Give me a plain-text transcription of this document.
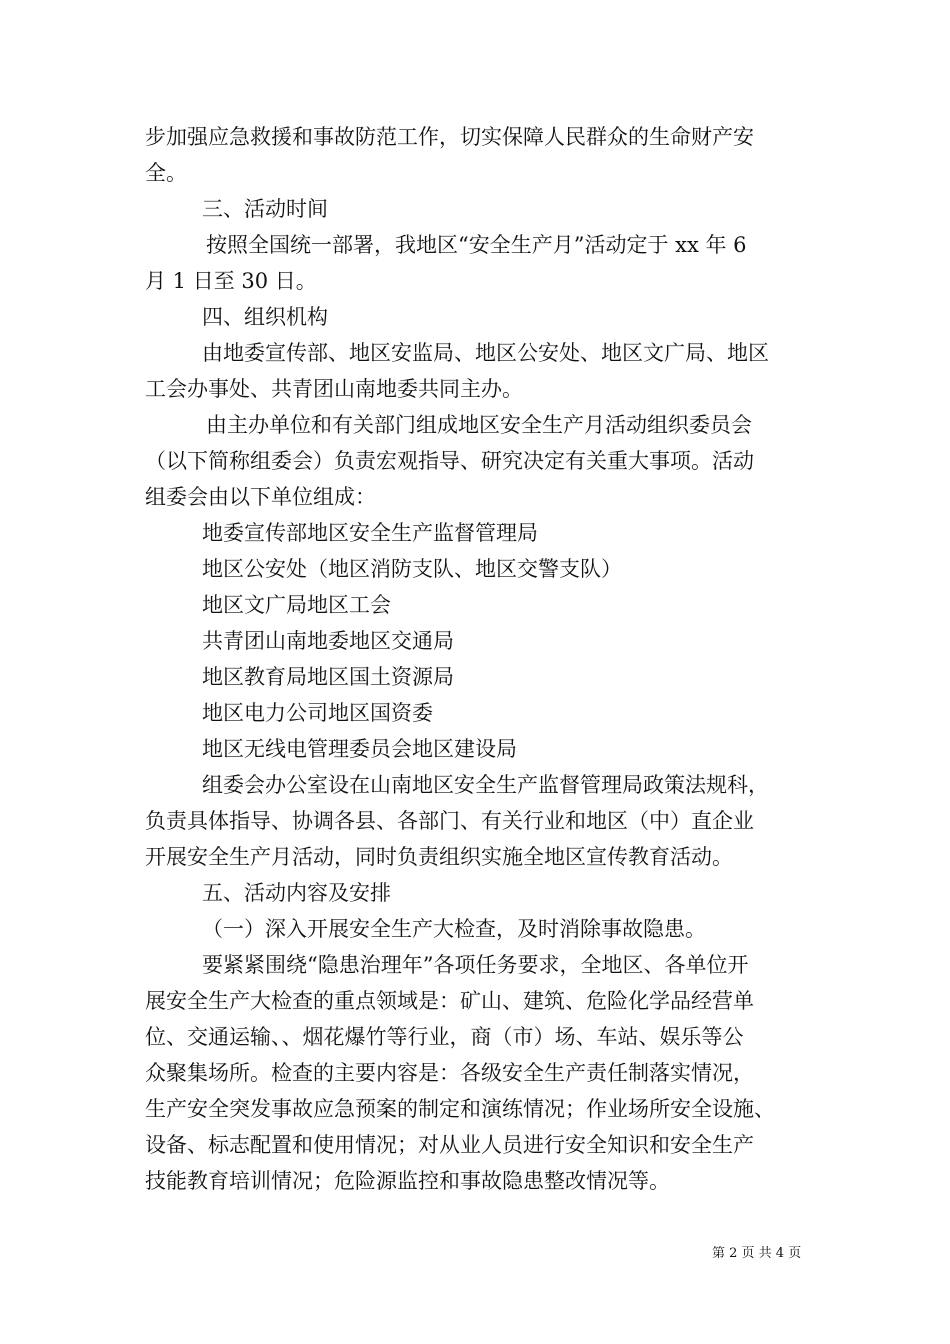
步加强应急救援和事故防范工作，切实保障人民群众的生命财产安
全。
三、活动时间
按照全国统一部署，我地区“安全生产月”活动定于 xx 年 6
月 1 日至 30 日。
四、组织机构
由地委宣传部、地区安监局、地区公安处、地区文广局、地区
工会办事处、共青团山南地委共同主办。
由主办单位和有关部门组成地区安全生产月活动组织委员会
（以下简称组委会）负责宏观指导、研究决定有关重大事项。活动
组委会由以下单位组成：
地委宣传部地区安全生产监督管理局
地区公安处（地区消防支队、地区交警支队）
地区文广局地区工会
共青团山南地委地区交通局
地区教育局地区国土资源局
地区电力公司地区国资委
地区无线电管理委员会地区建设局
组委会办公室设在山南地区安全生产监督管理局政策法规科，
负责具体指导、协调各县、各部门、有关行业和地区（中）直企业
开展安全生产月活动，同时负责组织实施全地区宣传教育活动。
五、活动内容及安排
（一）深入开展安全生产大检查，及时消除事故隐患。
要紧紧围绕“隐患治理年”各项任务要求，全地区、各单位开
展安全生产大检查的重点领域是：矿山、建筑、危险化学品经营单
位、交通运输、、烟花爆竹等行业，商（市）场、车站、娱乐等公
众聚集场所。检查的主要内容是：各级安全生产责任制落实情况，
生产安全突发事故应急预案的制定和演练情况；作业场所安全设施、
设备、标志配置和使用情况；对从业人员进行安全知识和安全生产
技能教育培训情况；危险源监控和事故隐患整改情况等。
第 2 页 共 4 页
